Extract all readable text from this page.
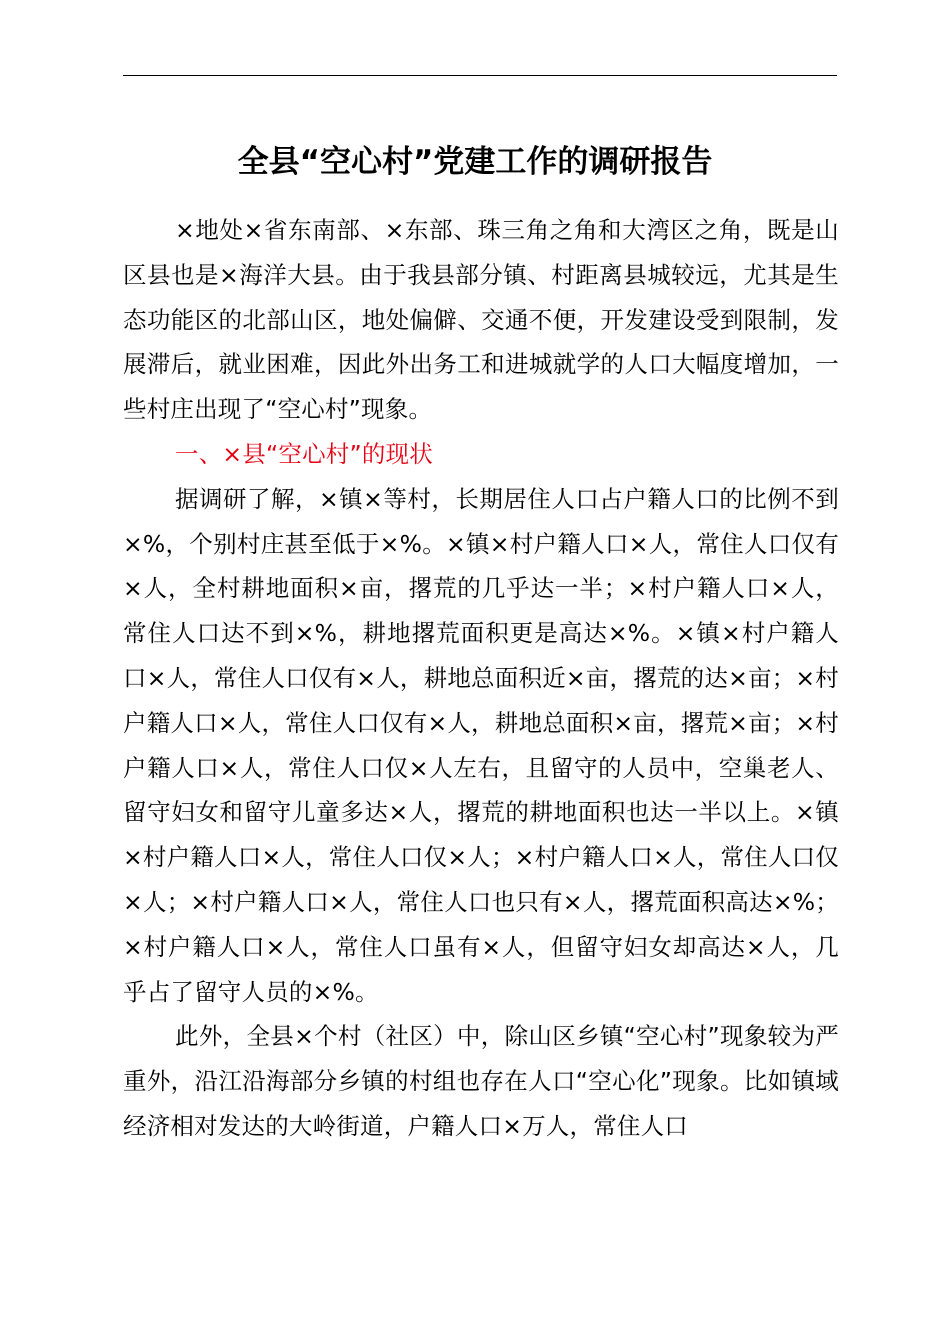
全县“空心村”党建工作的调研报告

×地处×省东南部、×东部、珠三角之角和大湾区之角，既是山区县也是×海洋大县。由于我县部分镇、村距离县城较远，尤其是生态功能区的北部山区，地处偏僻、交通不便，开发建设受到限制，发展滞后，就业困难，因此外出务工和进城就学的人口大幅度增加，一些村庄出现了“空心村”现象。

一、×县“空心村”的现状

据调研了解，×镇×等村，长期居住人口占户籍人口的比例不到×%，个别村庄甚至低于×%。×镇×村户籍人口×人，常住人口仅有×人，全村耕地面积×亩，撂荒的几乎达一半；×村户籍人口×人，常住人口达不到×%，耕地撂荒面积更是高达×%。×镇×村户籍人口×人，常住人口仅有×人，耕地总面积近×亩，撂荒的达×亩；×村户籍人口×人，常住人口仅有×人，耕地总面积×亩，撂荒×亩；×村户籍人口×人，常住人口仅×人左右，且留守的人员中，空巢老人、留守妇女和留守儿童多达×人，撂荒的耕地面积也达一半以上。×镇×村户籍人口×人，常住人口仅×人；×村户籍人口×人，常住人口仅×人；×村户籍人口×人，常住人口也只有×人，撂荒面积高达×%；×村户籍人口×人，常住人口虽有×人，但留守妇女却高达×人，几乎占了留守人员的×%。

此外，全县×个村（社区）中，除山区乡镇“空心村”现象较为严重外，沿江沿海部分乡镇的村组也存在人口“空心化”现象。比如镇域经济相对发达的大岭街道，户籍人口×万人，常住人口
